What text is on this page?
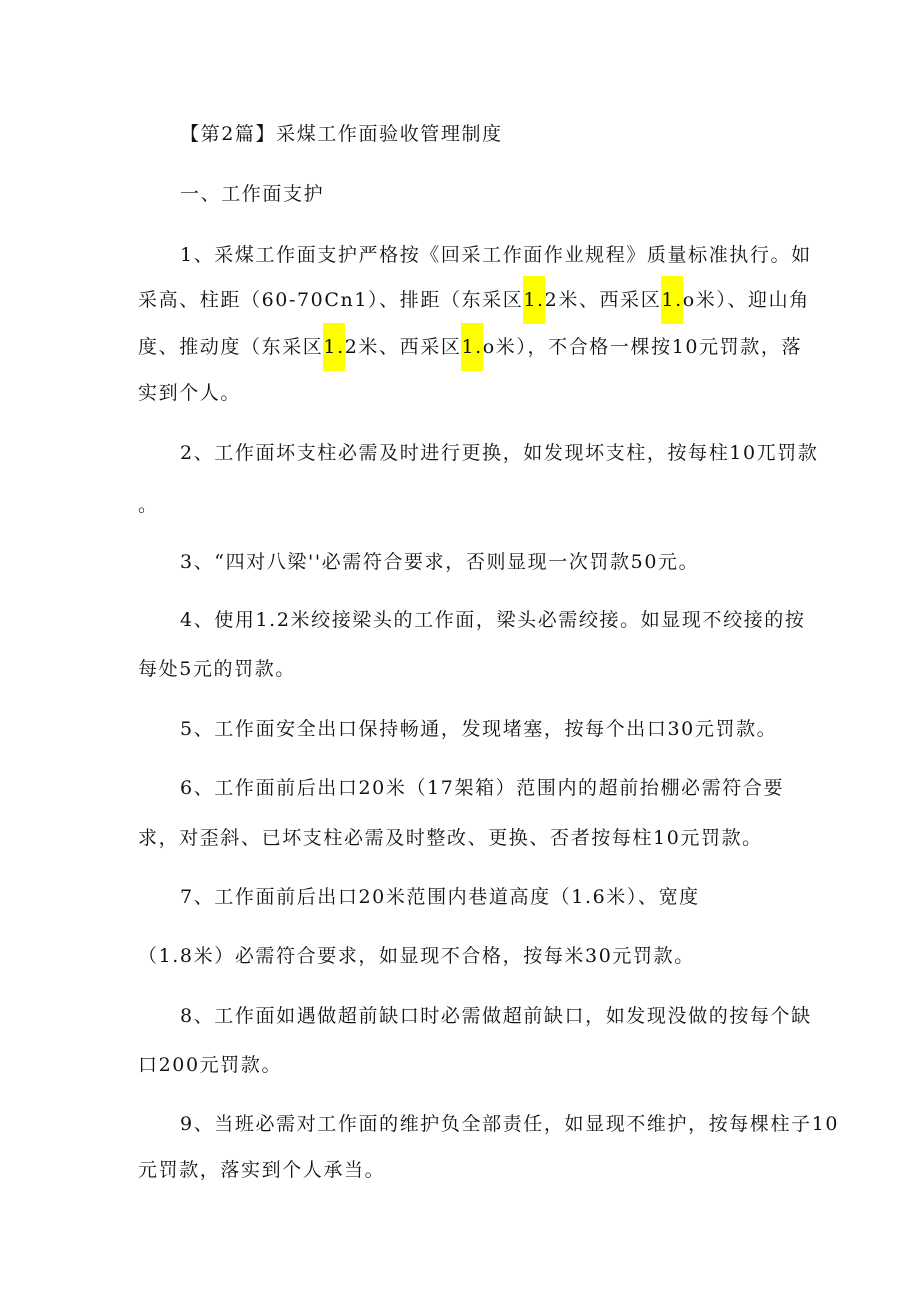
【第2篇】采煤工作面验收管理制度
一、工作面支护
1、采煤工作面支护严格按《回采工作面作业规程》质量标准执行。如
采高、柱距（60-70Cn1）、排距（东采区1.2米、西采区1.o米）、迎山角
度、推动度（东采区1.2米、西采区1.o米），不合格一棵按10元罚款，落
实到个人。
2、工作面坏支柱必需及时进行更换，如发现坏支柱，按每柱10兀罚款
。
3、“四对八梁''必需符合要求，否则显现一次罚款50元。
4、使用1.2米绞接梁头的工作面，梁头必需绞接。如显现不绞接的按
每处5元的罚款。
5、工作面安全出口保持畅通，发现堵塞，按每个出口30元罚款。
6、工作面前后出口20米（17架箱）范围内的超前抬棚必需符合要
求，对歪斜、已坏支柱必需及时整改、更换、否者按每柱10元罚款。
7、工作面前后出口20米范围内巷道高度（1.6米）、宽度
（1.8米）必需符合要求，如显现不合格，按每米30元罚款。
8、工作面如遇做超前缺口时必需做超前缺口，如发现没做的按每个缺
口200元罚款。
9、当班必需对工作面的维护负全部责任，如显现不维护，按每棵柱子10
元罚款，落实到个人承当。
